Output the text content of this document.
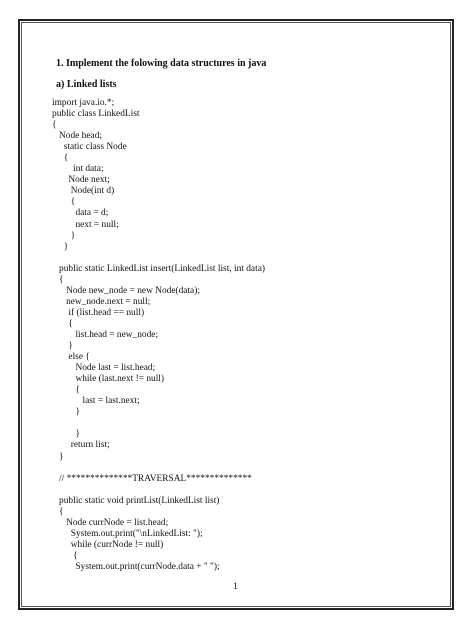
1. Implement the folowing data structures in java
a) Linked lists
import java.io.*;
public class LinkedList
{
Node head;
static class Node
{
int data;
Node next;
Node(int d)
{
data = d;
next = null;
}
}
public static LinkedList insert(LinkedList list, int data)
{
Node new_node = new Node(data);
new_node.next = null;
if (list.head == null)
{
list.head = new_node;
}
else {
Node last = list.head;
while (last.next != null)
{
last = last.next;
}
}
return list;
}
// **************TRAVERSAL**************
public static void printList(LinkedList list)
{
Node currNode = list.head;
System.out.print("\nLinkedList: ");
while (currNode != null)
{
System.out.print(currNode.data + " ");
1
